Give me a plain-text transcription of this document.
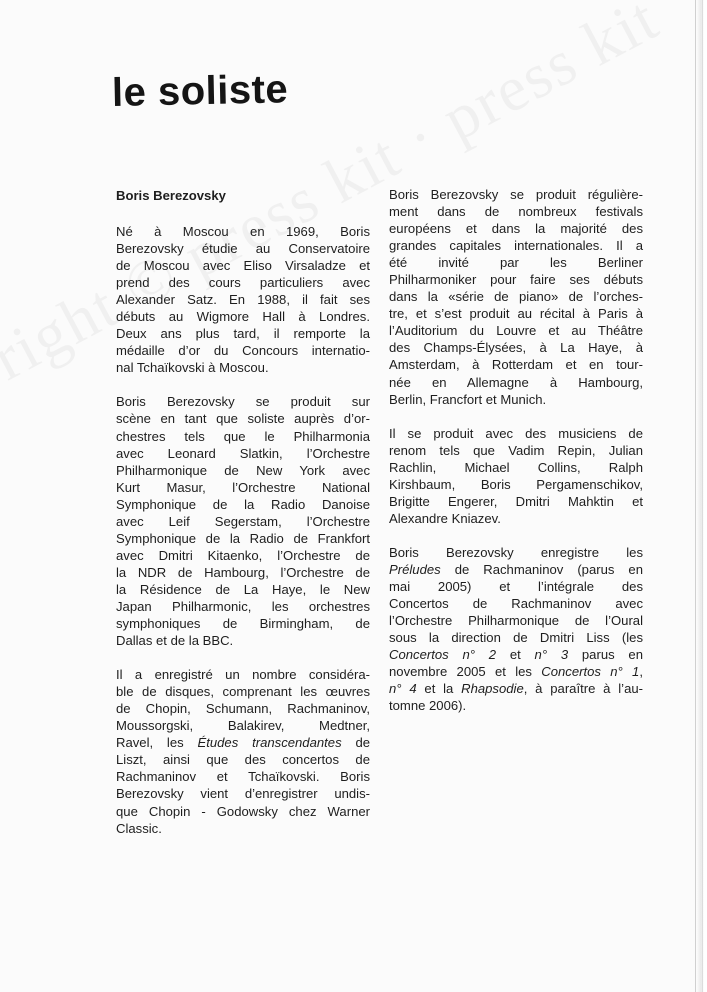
le soliste
Boris Berezovsky

Né à Moscou en 1969, Boris
Berezovsky étudie au Conservatoire
de Moscou avec Eliso Virsaladze et
prend des cours particuliers avec
Alexander Satz. En 1988, il fait ses
débuts au Wigmore Hall à Londres.
Deux ans plus tard, il remporte la
médaille d’or du Concours internatio-
nal Tchaïkovski à Moscou.

Boris Berezovsky se produit sur
scène en tant que soliste auprès d’or-
chestres tels que le Philharmonia
avec Leonard Slatkin, l’Orchestre
Philharmonique de New York avec
Kurt Masur, l’Orchestre National
Symphonique de la Radio Danoise
avec Leif Segerstam, l’Orchestre
Symphonique de la Radio de Frankfort
avec Dmitri Kitaenko, l’Orchestre de
la NDR de Hambourg, l’Orchestre de
la Résidence de La Haye, le New
Japan Philharmonic, les orchestres
symphoniques de Birmingham, de
Dallas et de la BBC.

Il a enregistré un nombre considéra-
ble de disques, comprenant les œuvres
de Chopin, Schumann, Rachmaninov,
Moussorgski, Balakirev, Medtner,
Ravel, les Études transcendantes de
Liszt, ainsi que des concertos de
Rachmaninov et Tchaïkovski. Boris
Berezovsky vient d’enregistrer undis-
que Chopin - Godowsky chez Warner
Classic.

Boris Berezovsky se produit régulière-
ment dans de nombreux festivals
européens et dans la majorité des
grandes capitales internationales. Il a
été invité par les Berliner
Philharmoniker pour faire ses débuts
dans la «série de piano» de l’orches-
tre, et s’est produit au récital à Paris à
l’Auditorium du Louvre et au Théâtre
des Champs-Élysées, à La Haye, à
Amsterdam, à Rotterdam et en tour-
née en Allemagne à Hambourg,
Berlin, Francfort et Munich.

Il se produit avec des musiciens de
renom tels que Vadim Repin, Julian
Rachlin, Michael Collins, Ralph
Kirshbaum, Boris Pergamenschikov,
Brigitte Engerer, Dmitri Mahktin et
Alexandre Kniazev.

Boris Berezovsky enregistre les
Préludes de Rachmaninov (parus en
mai 2005) et l’intégrale des
Concertos de Rachmaninov avec
l’Orchestre Philharmonique de l’Oural
sous la direction de Dmitri Liss (les
Concertos n° 2 et n° 3 parus en
novembre 2005 et les Concertos n° 1,
n° 4 et la Rhapsodie, à paraître à l’au-
tomne 2006).
